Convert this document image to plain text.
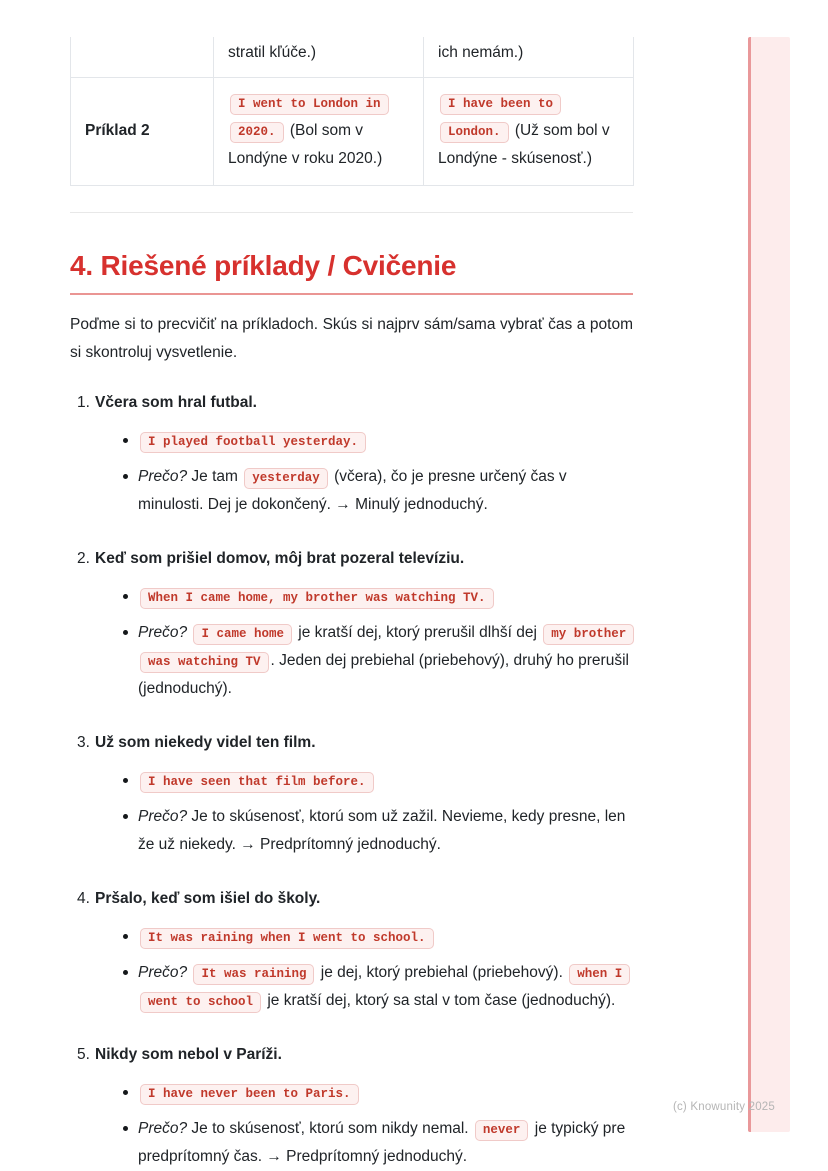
	stratil kľúče.)	ich nemám.)
Príklad 2	I went to London in 2020. (Bol som v Londýne v roku 2020.)	I have been to London. (Už som bol v Londýne - skúsenosť.)
4. Riešené príklady / Cvičenie

Poďme si to precvičiť na príkladoch. Skús si najprv sám/sama vybrať čas a potom si skontroluj vysvetlenie.

1. Včera som hral futbal.
I played football yesterday.
Prečo? Je tam yesterday (včera), čo je presne určený čas v minulosti. Dej je dokončený. → Minulý jednoduchý.
2. Keď som prišiel domov, môj brat pozeral televíziu.
When I came home, my brother was watching TV.
Prečo? I came home je kratší dej, ktorý prerušil dlhší dej my brother was watching TV . Jeden dej prebiehal (priebehový), druhý ho prerušil (jednoduchý).
3. Už som niekedy videl ten film.
I have seen that film before.
Prečo? Je to skúsenosť, ktorú som už zažil. Nevieme, kedy presne, len že už niekedy. → Predprítomný jednoduchý.
4. Pršalo, keď som išiel do školy.
It was raining when I went to school.
Prečo? It was raining je dej, ktorý prebiehal (priebehový). when I went to school je kratší dej, ktorý sa stal v tom čase (jednoduchý).
5. Nikdy som nebol v Paríži.
I have never been to Paris.
Prečo? Je to skúsenosť, ktorú som nikdy nemal. never je typický pre predprítomný čas. → Predprítomný jednoduchý.
(c) Knowunity 2025
